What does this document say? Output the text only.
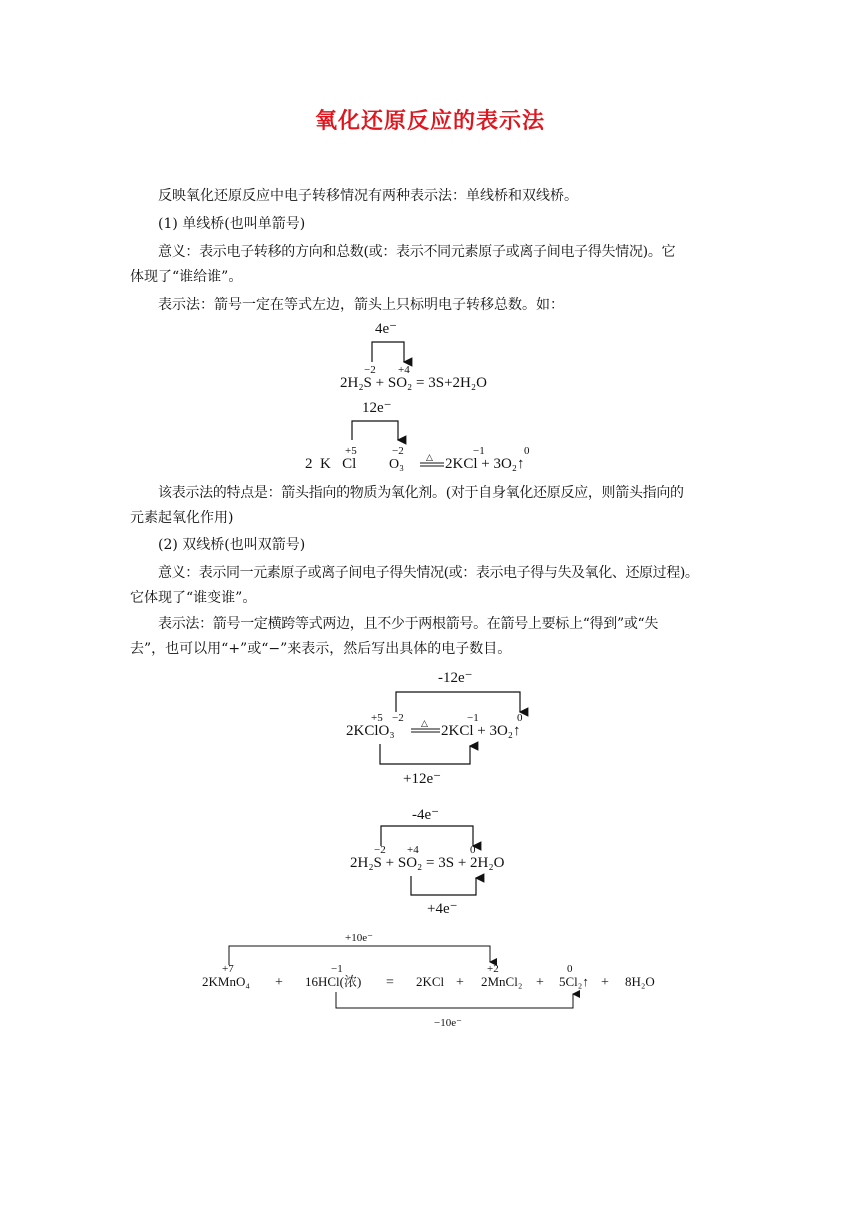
氧化还原反应的表示法
反映氧化还原反应中电子转移情况有两种表示法：单线桥和双线桥。
(1) 单线桥(也叫单箭号)
意义：表示电子转移的方向和总数(或：表示不同元素原子或离子间电子得失情况)。它
体现了“谁给谁”。
表示法：箭号一定在等式左边，箭头上只标明电子转移总数。如：
该表示法的特点是：箭头指向的物质为氧化剂。(对于自身氧化还原反应，则箭头指向的
元素起氧化作用)
(2) 双线桥(也叫双箭号)
意义：表示同一元素原子或离子间电子得失情况(或：表示电子得与失及氧化、还原过程)。
它体现了“谁变谁”。
表示法：箭号一定横跨等式两边，且不少于两根箭号。在箭号上要标上“得到”或“失
去”，也可以用“+”或“−”来表示，然后写出具体的电子数目。
4e⁻
−2 +4
2H₂S + SO₂ = 3S+2H₂O
12e⁻
+5	−2	−1	0
2  K   Cl O₃ △ 2KCl + 3O₂↑
-12e⁻
+5 −2	−1	0
2KClO₃	△ 2KCl + 3O₂↑
+12e⁻
-4e⁻
−2 +4	0
2H₂S + SO₂ = 3S + 2H₂O
+4e⁻
+10e⁻
+7	−1	+2	0
2KMnO₄ + 16HCl(浓) = 2KCl + 2MnCl₂ + 5Cl₂↑ + 8H₂O
−10e⁻
